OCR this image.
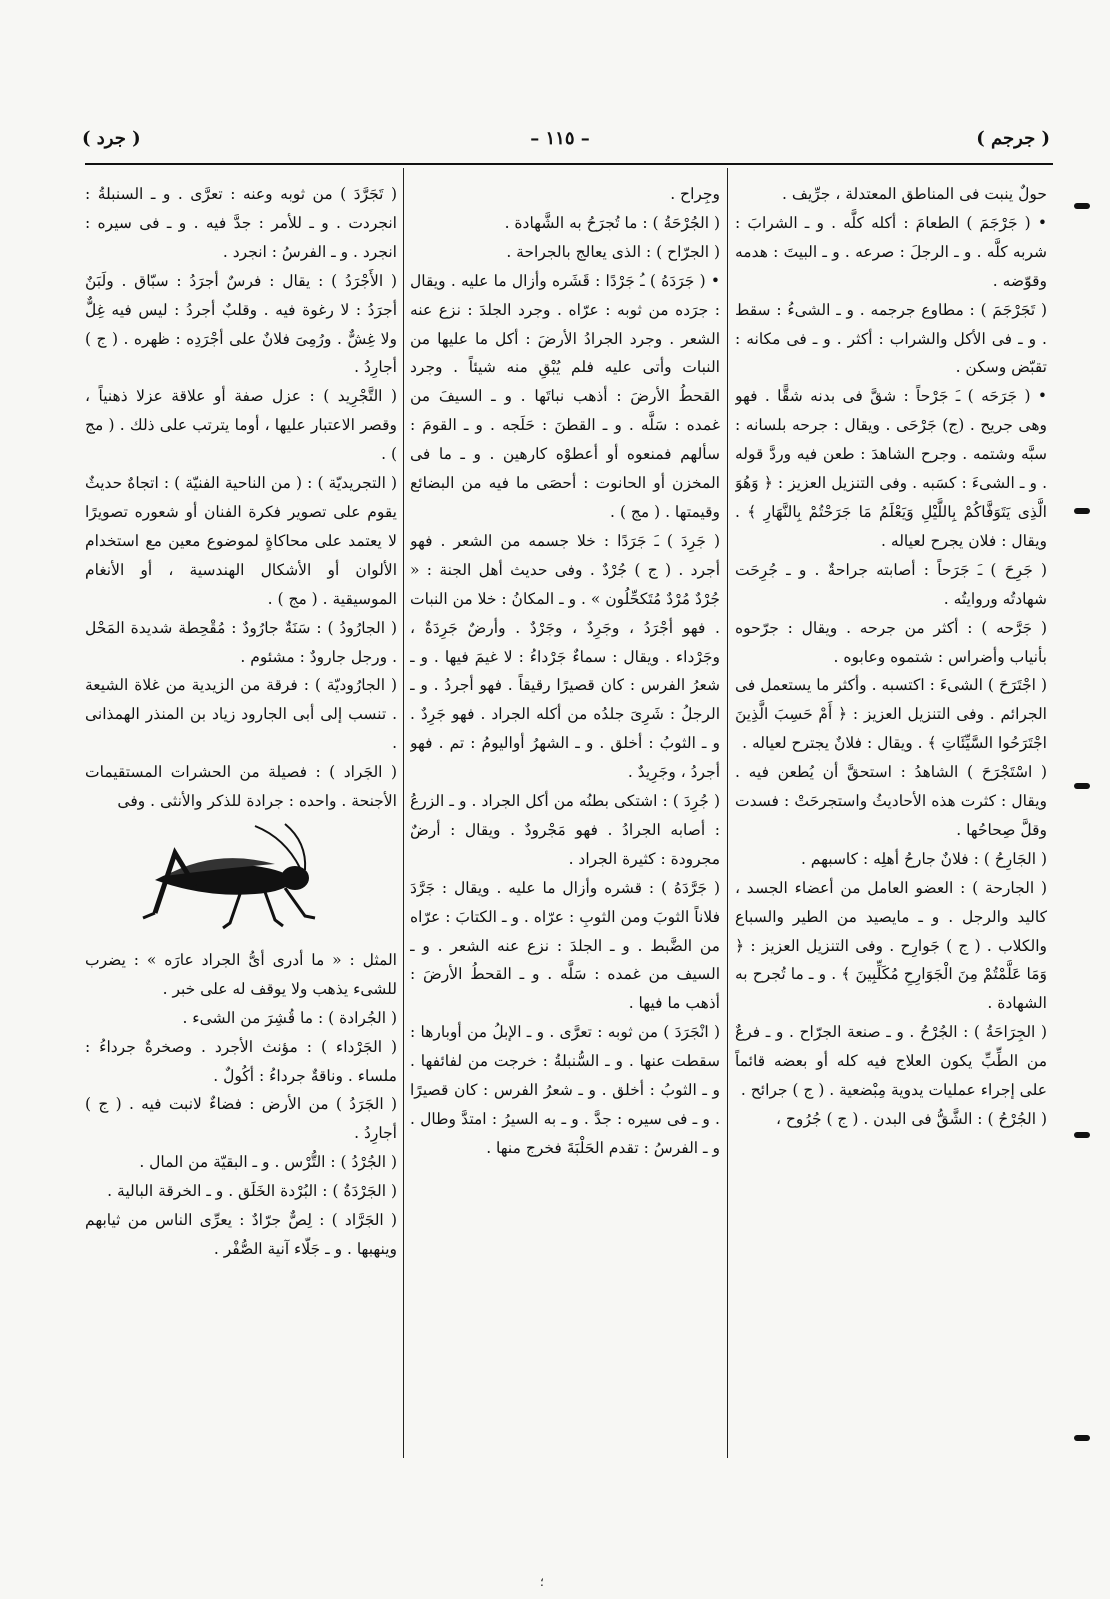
( جرجم )
– ١١٥ –
( جرد )

حولٌ ينبت فى المناطق المعتدلة ، جرِّيف .

• ( جَرْجَمَ ) الطعامَ : أكله كلَّه . و ـ الشرابَ : شربه كلَّه . و ـ الرجلَ : صرعه . و ـ البيتَ : هدمه وقوّضه .

( تَجَرْجَمَ ) : مطاوع جرجمه . و ـ الشىءُ : سقط . و ـ فى الأكل والشراب : أكثر . و ـ فى مكانه : تقبّض وسكن .

• ( جَرَحَه ) ـَ جَرْحاً : شقَّ فى بدنه شقًّا . فهو وهى جريح . (ج) جَرْحَى . ويقال : جرحه بلسانه : سبَّه وشتمه . وجرح الشاهدَ : طعن فيه وردَّ قوله . و ـ الشىءَ : كسَبه . وفى التنزيل العزيز : ﴿ وَهُوَ الَّذِى يَتَوَفَّاكُمْ بِاللَّيْلِ وَيَعْلَمُ مَا جَرَحْتُمْ بِالنَّهَارِ ﴾ . ويقال : فلان يجرح لعياله .

( جَرِحَ ) ـَ جَرَحاً : أصابته جراحةٌ . و ـ جُرِحَت شهادتُه وروايتُه .

( جَرَّحه ) : أكثر من جرحه . ويقال : جرّحوه بأنياب وأضراس : شتموه وعابوه .

( اجْتَرَحَ ) الشىءَ : اكتسبه . وأكثر ما يستعمل فى الجرائم . وفى التنزيل العزيز : ﴿ أَمْ حَسِبَ الَّذِينَ اجْتَرَحُوا السَّيِّئَاتِ ﴾ . ويقال : فلانٌ يجترح لعياله .

( اسْتَجْرَحَ ) الشاهدُ : استحقَّ أن يُطعن فيه . ويقال : كثرت هذه الأحاديثُ واستجرحَتْ : فسدت وقلَّ صِحاحُها .

( الجَارِحُ ) : فلانٌ جارحُ أهلِه : كاسبهم .

( الجارحة ) : العضو العامل من أعضاء الجسد ، كاليد والرجل . و ـ مايصيد من الطير والسباع والكلاب . ( ج ) جَوارِح . وفى التنزيل العزيز : ﴿ وَمَا عَلَّمْتُمْ مِنَ الْجَوَارِحِ مُكَلِّبِينَ ﴾ . و ـ ما تُجرح به الشهادة .

( الجِرَاحَةُ ) : الجُرْحُ . و ـ صنعة الجرّاح . و ـ فرعٌ من الطِّبِّ يكون العلاج فيه كله أو بعضه قائماً على إجراء عمليات يدوية مِبْضعية . ( ج ) جرائح .

( الجُرْحُ ) : الشَّقُّ فى البدن . ( ج ) جُرُوح ،

وجِراح .

( الجُرْحَةُ ) : ما تُجرَحُ به الشَّهادة .

( الجرّاح ) : الذى يعالج بالجراحة .

• ( جَرَدَهُ ) ـُ جَرْدًا : قَشَره وأزال ما عليه . ويقال : جرَده من ثوبه : عرّاه . وجرد الجلدَ : نزع عنه الشعر . وجرد الجرادُ الأرضَ : أكل ما عليها من النبات وأتى عليه فلم يُبْقِ منه شيئاً . وجرد القحطُ الأرضَ : أذهب نباتَها . و ـ السيفَ من غمده : سَلَّه . و ـ القطنَ : حَلَجه . و ـ القومَ : سألهم فمنعوه أو أعطوْه كارهين . و ـ ما فى المخزن أو الحانوت : أحصَى ما فيه من البضائع وقيمتها . ( مج ) .

( جَرِدَ ) ـَ جَرَدًا : خلا جسمه من الشعر . فهو أجرد . ( ج ) جُرْدٌ . وفى حديث أهل الجنة : « جُرْدٌ مُرْدٌ مُتَكحِّلُون » . و ـ المكانُ : خلا من النبات . فهو أجْرَدُ ، وجَرِدٌ ، وجَرْدٌ . وأرضٌ جَرِدَةٌ ، وجَرْداء . ويقال : سماءٌ جَرْداءُ : لا غيمَ فيها . و ـ شعرُ الفرس : كان قصيرًا رقيقاً . فهو أجردُ . و ـ الرجلُ : شَرِىَ جلدُه من أكله الجراد . فهو جَرِدٌ . و ـ الثوبُ : أخلق . و ـ الشهرُ أواليومُ : تم . فهو أجردُ ، وجَرِيدٌ .

( جُرِدَ ) : اشتكى بطنُه من أكل الجراد . و ـ الزرعُ : أصابه الجرادُ . فهو مَجْرودٌ . ويقال : أرضٌ مجرودة : كثيرة الجراد .

( جَرَّدَهُ ) : قشره وأزال ما عليه . ويقال : جَرَّدَ فلاناً الثوبَ ومن الثوبِ : عرّاه . و ـ الكتابَ : عرّاه من الضَّبط . و ـ الجلدَ : نزع عنه الشعر . و ـ السيف من غمده : سَلَّه . و ـ القحطُ الأرضَ : أذهب ما فيها .

( انْجَرَدَ ) من ثوبه : تعرَّى . و ـ الإبلُ من أوبارها : سقطت عنها . و ـ السُّنبلةُ : خرجت من لفائفها . و ـ الثوبُ : أخلق . و ـ شعرُ الفرس : كان قصيرًا . و ـ فى سيره : جدَّ . و ـ به السيرُ : امتدَّ وطال . و ـ الفرسُ : تقدم الحَلْبَةَ فخرج منها .

( تَجَرَّدَ ) من ثوبه وعنه : تعرَّى . و ـ السنبلةُ : انجردت . و ـ للأمر : جدَّ فيه . و ـ فى سيره : انجرد . و ـ الفرسُ : انجرد .

( الأَجْرَدُ ) : يقال : فرسٌ أجرَدُ : سبّاق . ولَبَنٌ أجرَدُ : لا رغوة فيه . وقلبٌ أجردُ : ليس فيه غِلٌّ ولا غِشٌّ . ورُمِىَ فلانٌ على أجْرَدِه : ظهره . ( ج ) أجارِدُ .

( التَّجْرِيد ) : عزل صفة أو علاقة عزلا ذهنياً ، وقصر الاعتبار عليها ، أوما يترتب على ذلك . ( مج ) .

( التجريديّة ) : ( من الناحية الفنيّة ) : اتجاهٌ حديثٌ يقوم على تصوير فكرة الفنان أو شعوره تصويرًا لا يعتمد على محاكاةٍ لموضوع معين مع استخدام الألوان أو الأشكال الهندسية ، أو الأنغام الموسيقية . ( مج ) .

( الجارُودُ ) : سَنَةٌ جارُودٌ : مُقْحِطة شديدة المَحْل . ورجل جارودٌ : مشئوم .

( الجارُوديّة ) : فرقة من الزيدية من غلاة الشيعة . تنسب إلى أبى الجارود زياد بن المنذر الهمذانى .

( الجَراد ) : فصيلة من الحشرات المستقيمات الأجنحة . واحده : جرادة للذكر والأنثى . وفى

المثل : « ما أدرى أىُّ الجراد عارَه » : يضرب للشىء يذهب ولا يوقف له على خبر .

( الجُرادة ) : ما قُشِرَ من الشىء .

( الجَرْداء ) : مؤنث الأجرد . وصخرةٌ جرداءُ : ملساء . وناقةٌ جرداءُ : أكُولٌ .

( الجَرَدُ ) من الأرض : فضاءٌ لانبت فيه . ( ج ) أجارِدُ .

( الجُرْدُ ) : التُّرْس . و ـ البقيّة من المال .

( الجَرْدَةُ ) : البُرْدة الخَلَق . و ـ الخرقة البالية .

( الجَرَّاد ) : لِصٌّ جرّادٌ : يعرِّى الناس من ثيابهم وينهبها . و ـ جَلّاء آنية الصُّفْر .

؛
